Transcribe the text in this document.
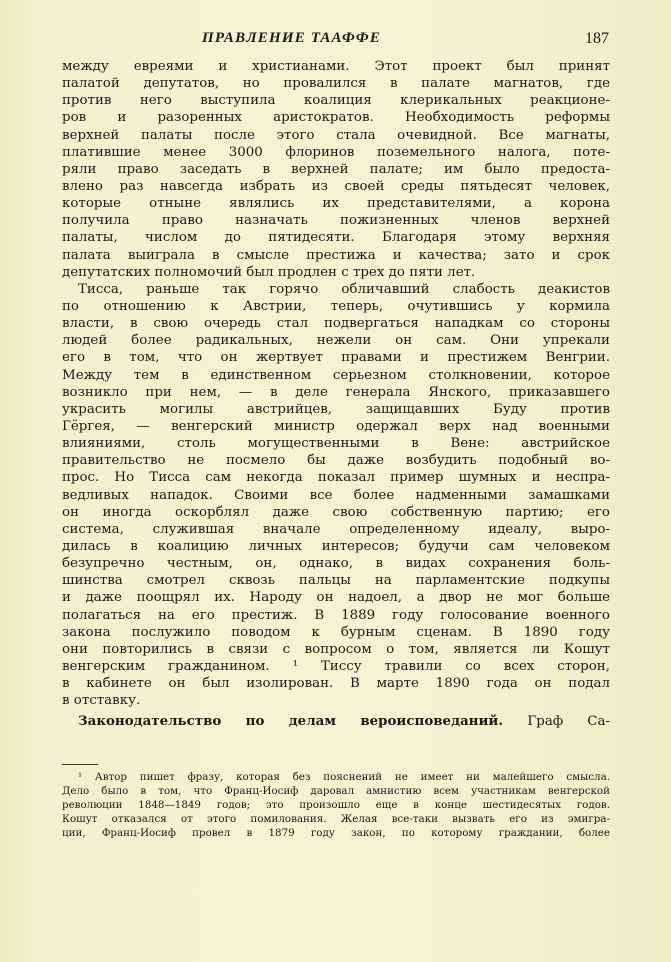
ПРАВЛЕНИЕ ТААФФЕ	187
между евреями и христианами. Этот проект был принят
палатой депутатов, но провалился в палате магнатов, где
против него выступила коалиция клерикальных реакционе-
ров и разоренных аристократов. Необходимость реформы
верхней палаты после этого стала очевидной. Все магнаты,
платившие менее 3000 флоринов поземельного налога, поте-
ряли право заседать в верхней палате; им было предоста-
влено раз навсегда избрать из своей среды пятьдесят человек,
которые отныне являлись их представителями, а корона
получила право назначать пожизненных членов верхней
палаты, числом до пятидесяти. Благодаря этому верхняя
палата выиграла в смысле престижа и качества; зато и срок
депутатских полномочий был продлен с трех до пяти лет.
Тисса, раньше так горячо обличавший слабость деакистов
по отношению к Австрии, теперь, очутившись у кормила
власти, в свою очередь стал подвергаться нападкам со стороны
людей более радикальных, нежели он сам. Они упрекали
его в том, что он жертвует правами и престижем Венгрии.
Между тем в единственном серьезном столкновении, которое
возникло при нем, — в деле генерала Янского, приказавшего
украсить могилы австрийцев, защищавших Буду против
Гёргея, — венгерский министр одержал верх над военными
влияниями, столь могущественными в Вене: австрийское
правительство не посмело бы даже возбудить подобный во-
прос. Но Тисса сам некогда показал пример шумных и неспра-
ведливых нападок. Своими все более надменными замашками
он иногда оскорблял даже свою собственную партию; его
система, служившая вначале определенному идеалу, выро-
дилась в коалицию личных интересов; будучи сам человеком
безупречно честным, он, однако, в видах сохранения боль-
шинства смотрел сквозь пальцы на парламентские подкупы
и даже поощрял их. Народу он надоел, а двор не мог больше
полагаться на его престиж. В 1889 году голосование военного
закона послужило поводом к бурным сценам. В 1890 году
они повторились в связи с вопросом о том, является ли Кошут
венгерским гражданином. ¹ Тиссу травили со всех сторон,
в кабинете он был изолирован. В марте 1890 года он подал
в отставку.
Законодательство по делам вероисповеданий. Граф Са-
¹ Автор пишет фразу, которая без пояснений не имеет ни малейшего смысла.
Дело было в том, что Франц-Иосиф даровал амнистию всем участникам венгерской
революции 1848—1849 годов; это произошло еще в конце шестидесятых годов.
Кошут отказался от этого помилования. Желая все-таки вызвать его из эмигра-
ции, Франц-Иосиф провел в 1879 году закон, по которому граждании, более
